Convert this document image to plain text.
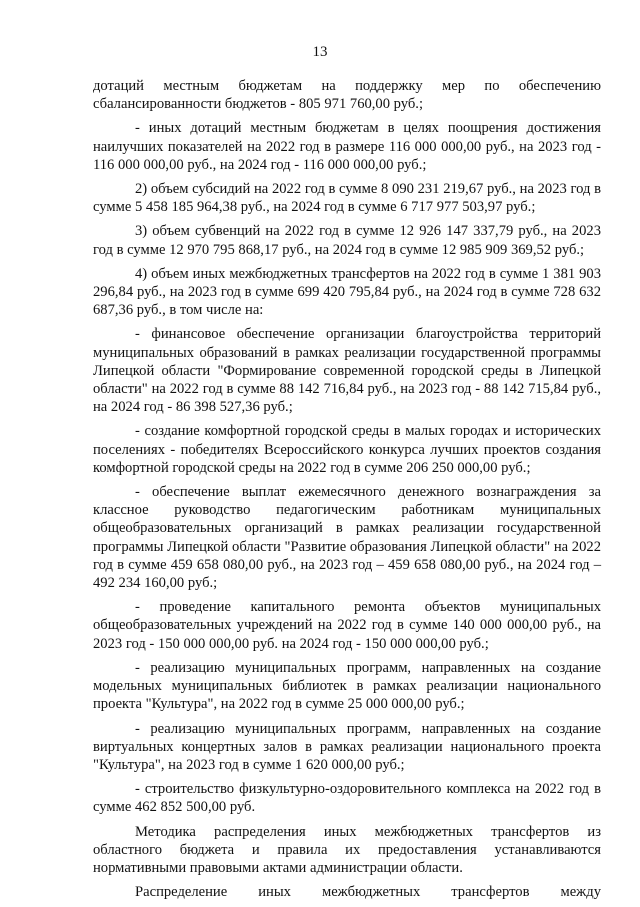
13

дотаций местным бюджетам на поддержку мер по обеспечению сбалансированности бюджетов - 805 971 760,00 руб.;

- иных дотаций местным бюджетам в целях поощрения достижения наилучших показателей на 2022 год в размере 116 000 000,00 руб., на 2023 год - 116 000 000,00 руб., на 2024 год - 116 000 000,00 руб.;

2) объем субсидий на 2022 год в сумме 8 090 231 219,67 руб., на 2023 год в сумме 5 458 185 964,38 руб., на 2024 год в сумме 6 717 977 503,97 руб.;

3) объем субвенций на 2022 год в сумме 12 926 147 337,79 руб., на 2023 год в сумме 12 970 795 868,17 руб., на 2024 год в сумме 12 985 909 369,52 руб.;

4) объем иных межбюджетных трансфертов на 2022 год в сумме 1 381 903 296,84 руб., на 2023 год в сумме 699 420 795,84 руб., на 2024 год в сумме 728 632 687,36 руб., в том числе на:

- финансовое обеспечение организации благоустройства территорий муниципальных образований в рамках реализации государственной программы Липецкой области "Формирование современной городской среды в Липецкой области" на 2022 год в сумме 88 142 716,84 руб., на 2023 год - 88 142 715,84 руб., на 2024 год - 86 398 527,36 руб.;

- создание комфортной городской среды в малых городах и исторических поселениях - победителях Всероссийского конкурса лучших проектов создания комфортной городской среды на 2022 год в сумме 206 250 000,00 руб.;

- обеспечение выплат ежемесячного денежного вознаграждения за классное руководство педагогическим работникам муниципальных общеобразовательных организаций в рамках реализации государственной программы Липецкой области "Развитие образования Липецкой области" на 2022 год в сумме 459 658 080,00 руб., на 2023 год – 459 658 080,00 руб., на 2024 год – 492 234 160,00 руб.;

- проведение капитального ремонта объектов муниципальных общеобразовательных учреждений на 2022 год в сумме 140 000 000,00 руб., на 2023 год - 150 000 000,00 руб. на 2024 год - 150 000 000,00 руб.;

- реализацию муниципальных программ, направленных на создание модельных муниципальных библиотек в рамках реализации национального проекта "Культура", на 2022 год в сумме 25 000 000,00 руб.;

- реализацию муниципальных программ, направленных на создание виртуальных концертных залов в рамках реализации национального проекта "Культура", на 2023 год в сумме 1 620 000,00 руб.;

- строительство физкультурно-оздоровительного комплекса на 2022 год в сумме 462 852 500,00 руб.

Методика распределения иных межбюджетных трансфертов из областного бюджета и правила их предоставления устанавливаются нормативными правовыми актами администрации области.

Распределение иных межбюджетных трансфертов между
